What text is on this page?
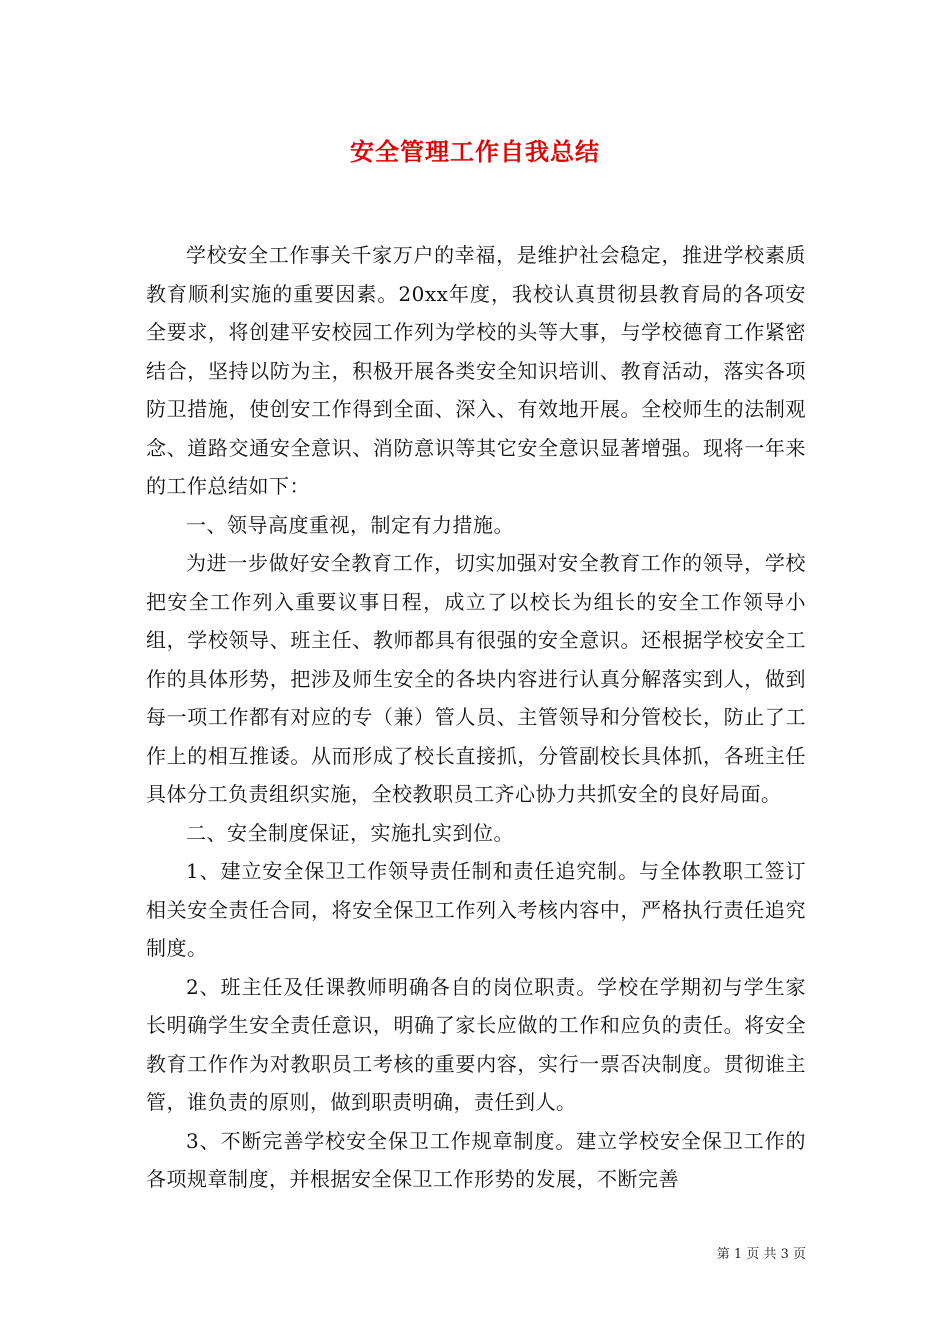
安全管理工作自我总结

学校安全工作事关千家万户的幸福，是维护社会稳定，推进学校素质教育顺利实施的重要因素。20xx年度，我校认真贯彻县教育局的各项安全要求，将创建平安校园工作列为学校的头等大事，与学校德育工作紧密结合，坚持以防为主，积极开展各类安全知识培训、教育活动，落实各项防卫措施，使创安工作得到全面、深入、有效地开展。全校师生的法制观念、道路交通安全意识、消防意识等其它安全意识显著增强。现将一年来的工作总结如下：

一、领导高度重视，制定有力措施。

为进一步做好安全教育工作，切实加强对安全教育工作的领导，学校把安全工作列入重要议事日程，成立了以校长为组长的安全工作领导小组，学校领导、班主任、教师都具有很强的安全意识。还根据学校安全工作的具体形势，把涉及师生安全的各块内容进行认真分解落实到人，做到每一项工作都有对应的专（兼）管人员、主管领导和分管校长，防止了工作上的相互推诿。从而形成了校长直接抓，分管副校长具体抓，各班主任具体分工负责组织实施，全校教职员工齐心协力共抓安全的良好局面。

二、安全制度保证，实施扎实到位。

1、建立安全保卫工作领导责任制和责任追究制。与全体教职工签订相关安全责任合同，将安全保卫工作列入考核内容中，严格执行责任追究制度。

2、班主任及任课教师明确各自的岗位职责。学校在学期初与学生家长明确学生安全责任意识，明确了家长应做的工作和应负的责任。将安全教育工作作为对教职员工考核的重要内容，实行一票否决制度。贯彻谁主管，谁负责的原则，做到职责明确，责任到人。

3、不断完善学校安全保卫工作规章制度。建立学校安全保卫工作的各项规章制度，并根据安全保卫工作形势的发展，不断完善

第 1 页 共 3 页
